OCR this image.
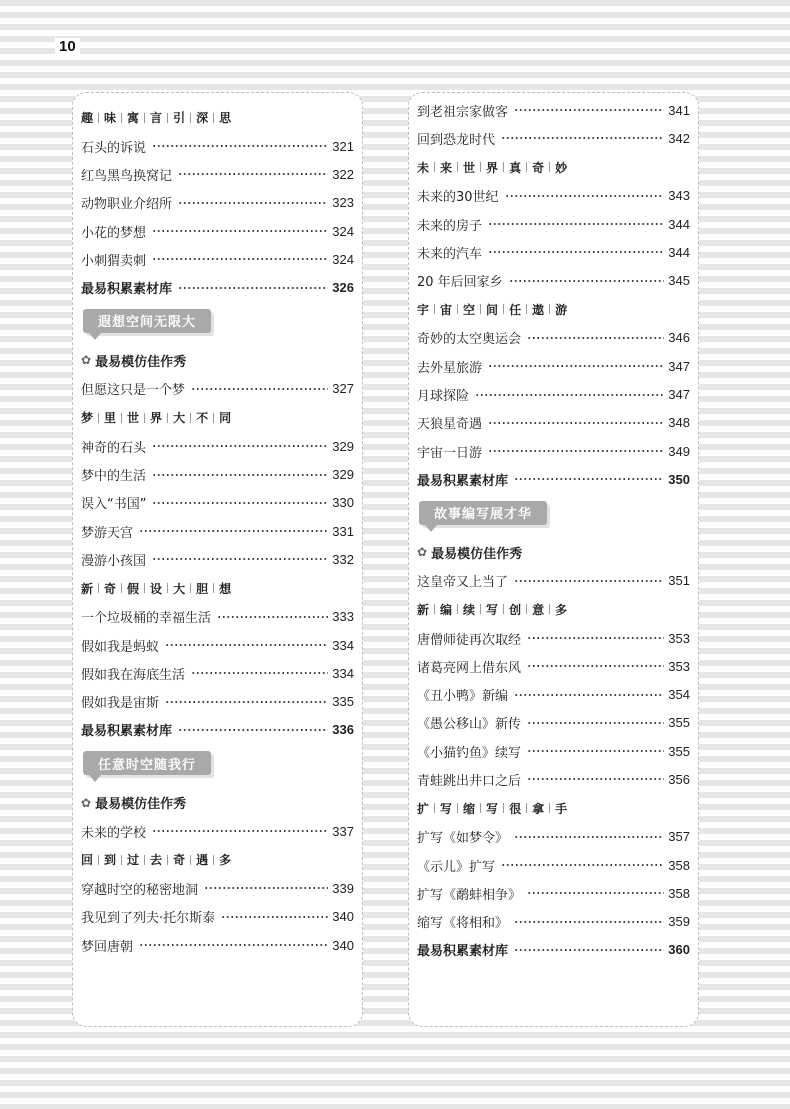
10
趣 味 寓 言 引 深 思
石头的诉说	321
红鸟黑鸟换窝记	322
动物职业介绍所	323
小花的梦想	324
小刺猬卖刺	324
最易积累素材库	326
遐想空间无限大
✿ 最易模仿佳作秀
但愿这只是一个梦	327
梦 里 世 界 大 不 同
神奇的石头	329
梦中的生活	329
误入“书国”	330
梦游天宫	331
漫游小孩国	332
新 奇 假 设 大 胆 想
一个垃圾桶的幸福生活	333
假如我是蚂蚁	334
假如我在海底生活	334
假如我是宙斯	335
最易积累素材库	336
任意时空随我行
✿ 最易模仿佳作秀
未来的学校	337
回 到 过 去 奇 遇 多
穿越时空的秘密地洞	339
我见到了列夫·托尔斯泰	340
梦回唐朝	340
到老祖宗家做客	341
回到恐龙时代	342
未 来 世 界 真 奇 妙
未来的30世纪	343
未来的房子	344
未来的汽车	344
20 年后回家乡	345
宇 宙 空 间 任 遨 游
奇妙的太空奥运会	346
去外星旅游	347
月球探险	347
天狼星奇遇	348
宇宙一日游	349
最易积累素材库	350
故事编写展才华
✿ 最易模仿佳作秀
这皇帝又上当了	351
新 编 续 写 创 意 多
唐僧师徒再次取经	353
诸葛亮网上借东风	353
《丑小鸭》新编	354
《愚公移山》新传	355
《小猫钓鱼》续写	355
青蛙跳出井口之后	356
扩 写 缩 写 很 拿 手
扩写《如梦令》	357
《示儿》扩写	358
扩写《鹬蚌相争》	358
缩写《将相和》	359
最易积累素材库	360
